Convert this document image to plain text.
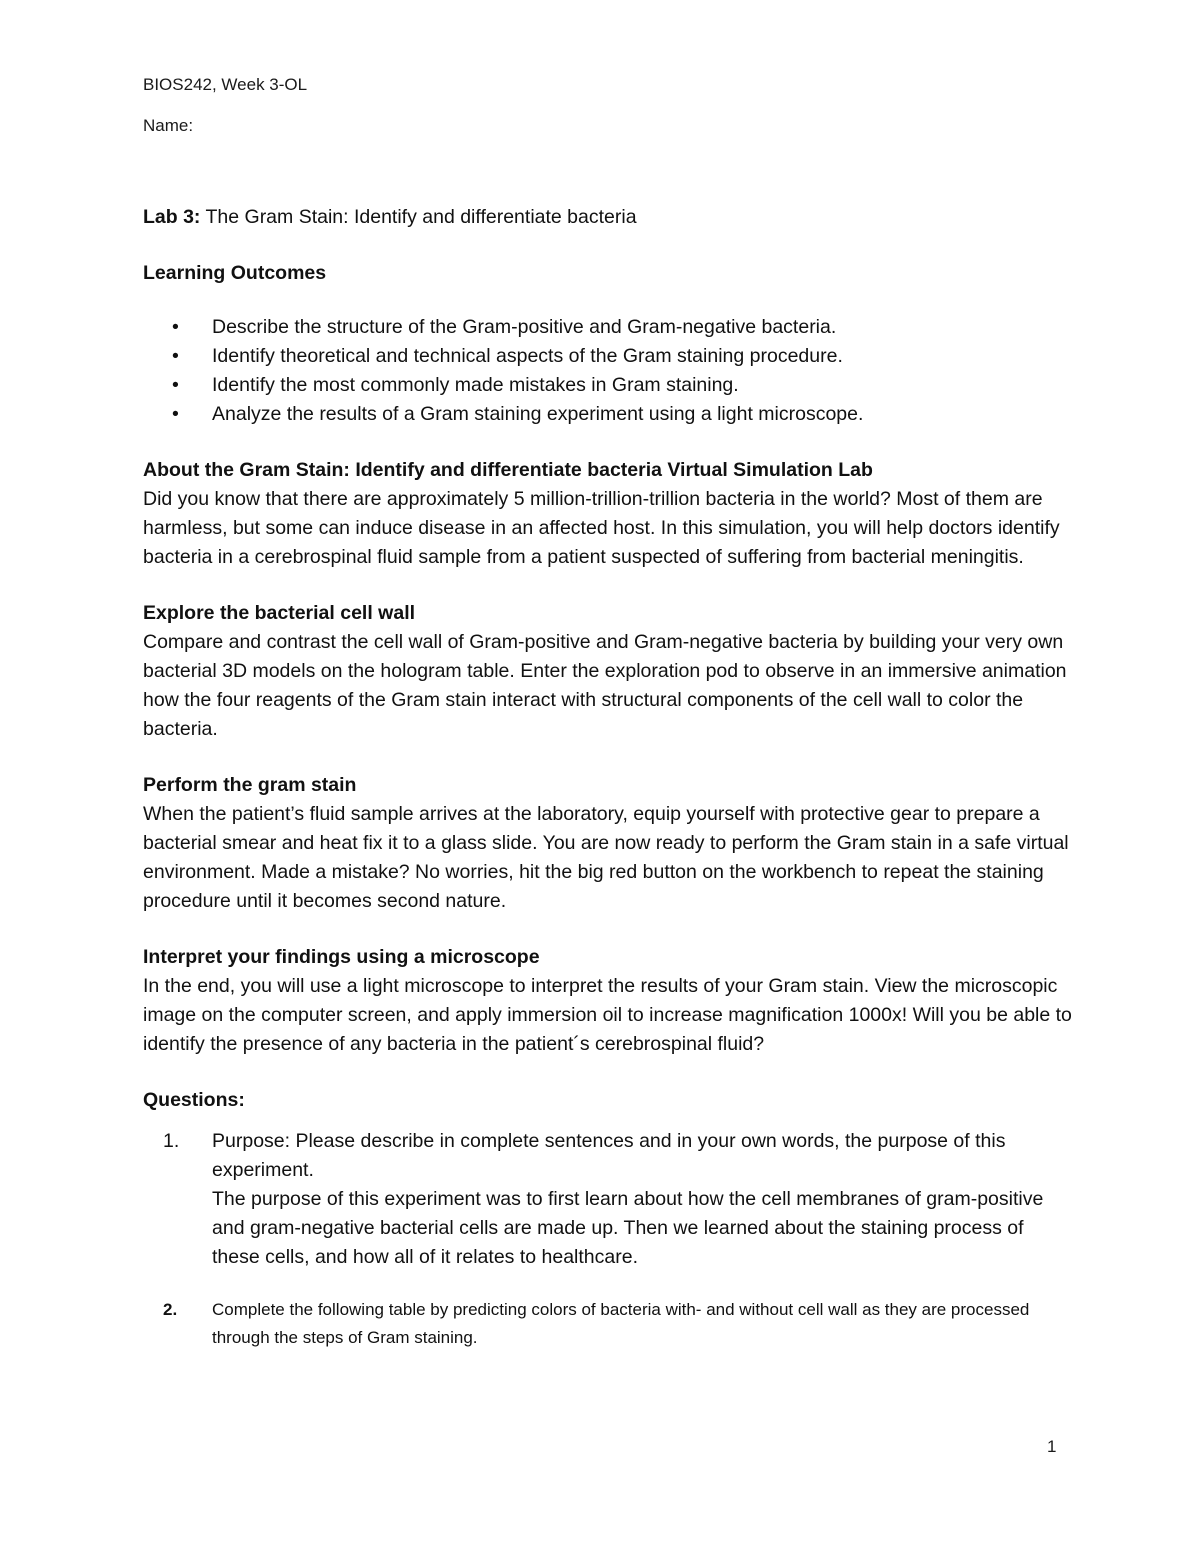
BIOS242, Week 3-OL

Name:

Lab 3: The Gram Stain: Identify and differentiate bacteria
Learning Outcomes
• Describe the structure of the Gram-positive and Gram-negative bacteria.
• Identify theoretical and technical aspects of the Gram staining procedure.
• Identify the most commonly made mistakes in Gram staining.
• Analyze the results of a Gram staining experiment using a light microscope.
About the Gram Stain: Identify and differentiate bacteria Virtual Simulation Lab

Did you know that there are approximately 5 million-trillion-trillion bacteria in the world? Most of them are harmless, but some can induce disease in an affected host. In this simulation, you will help doctors identify bacteria in a cerebrospinal fluid sample from a patient suspected of suffering from bacterial meningitis.

Explore the bacterial cell wall

Compare and contrast the cell wall of Gram-positive and Gram-negative bacteria by building your very own bacterial 3D models on the hologram table. Enter the exploration pod to observe in an immersive animation how the four reagents of the Gram stain interact with structural components of the cell wall to color the bacteria.

Perform the gram stain

When the patient’s fluid sample arrives at the laboratory, equip yourself with protective gear to prepare a bacterial smear and heat fix it to a glass slide. You are now ready to perform the Gram stain in a safe virtual environment. Made a mistake? No worries, hit the big red button on the workbench to repeat the staining procedure until it becomes second nature.

Interpret your findings using a microscope

In the end, you will use a light microscope to interpret the results of your Gram stain. View the microscopic image on the computer screen, and apply immersion oil to increase magnification 1000x! Will you be able to identify the presence of any bacteria in the patient´s cerebrospinal fluid?

Questions:
1. Purpose: Please describe in complete sentences and in your own words, the purpose of this experiment.
The purpose of this experiment was to first learn about how the cell membranes of gram-positive and gram-negative bacterial cells are made up. Then we learned about the staining process of these cells, and how all of it relates to healthcare.
2. Complete the following table by predicting colors of bacteria with- and without cell wall as they are processed through the steps of Gram staining.
1
